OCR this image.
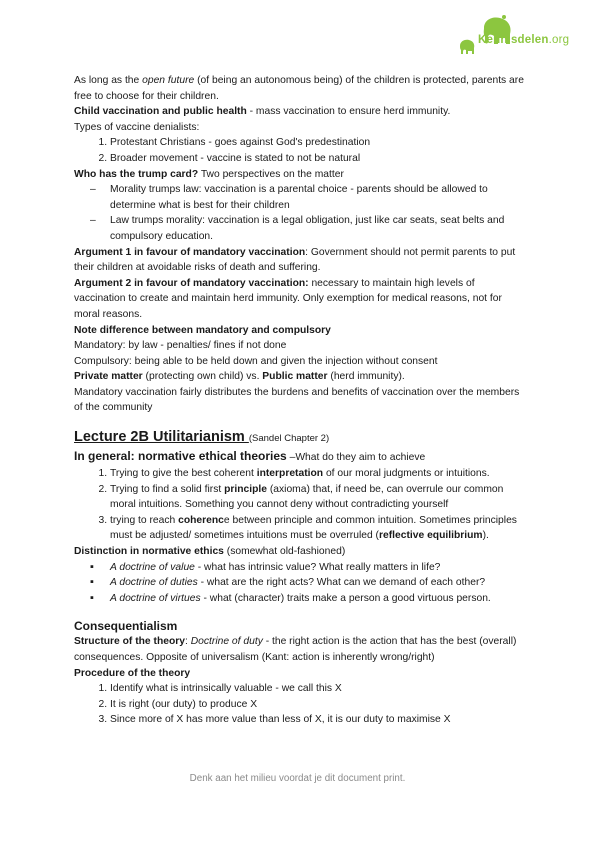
Kennisdelen.org

As long as the open future (of being an autonomous being) of the children is protected, parents are free to choose for their children.

Child vaccination and public health - mass vaccination to ensure herd immunity.

Types of vaccine denialists:

1. Protestant Christians - goes against God's predestination
2. Broader movement - vaccine is stated to not be natural

Who has the trump card? Two perspectives on the matter

– Morality trumps law: vaccination is a parental choice - parents should be allowed to determine what is best for their children
– Law trumps morality: vaccination is a legal obligation, just like car seats, seat belts and compulsory education.

Argument 1 in favour of mandatory vaccination: Government should not permit parents to put their children at avoidable risks of death and suffering.

Argument 2 in favour of mandatory vaccination: necessary to maintain high levels of vaccination to create and maintain herd immunity. Only exemption for medical reasons, not for moral reasons.

Note difference between mandatory and compulsory

Mandatory: by law - penalties/ fines if not done

Compulsory: being able to be held down and given the injection without consent

Private matter (protecting own child) vs. Public matter (herd immunity).

Mandatory vaccination fairly distributes the burdens and benefits of vaccination over the members of the community

Lecture 2B Utilitarianism (Sandel Chapter 2)
In general: normative ethical theories –What do they aim to achieve
1. Trying to give the best coherent interpretation of our moral judgments or intuitions.
2. Trying to find a solid first principle (axioma) that, if need be, can overrule our common moral intuitions. Something you cannot deny without contradicting yourself
3. trying to reach coherence between principle and common intuition. Sometimes principles must be adjusted/ sometimes intuitions must be overruled (reflective equilibrium).

Distinction in normative ethics (somewhat old-fashioned)

▪ A doctrine of value - what has intrinsic value? What really matters in life?
▪ A doctrine of duties - what are the right acts? What can we demand of each other?
▪ A doctrine of virtues - what (character) traits make a person a good virtuous person.
Consequentialism

Structure of the theory: Doctrine of duty - the right action is the action that has the best (overall) consequences. Opposite of universalism (Kant: action is inherently wrong/right)

Procedure of the theory

1. Identify what is intrinsically valuable - we call this X
2. It is right (our duty) to produce X
3. Since more of X has more value than less of X, it is our duty to maximise X
Denk aan het milieu voordat je dit document print.
